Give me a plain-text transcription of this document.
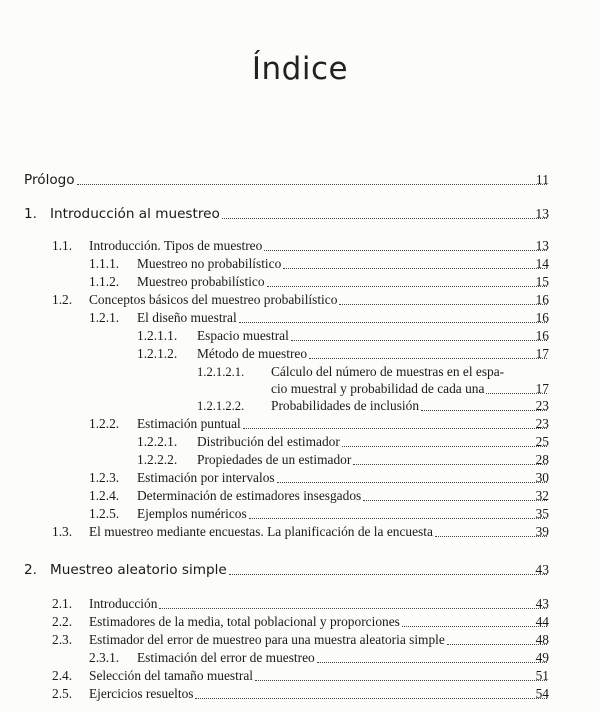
Índice
Prólogo	11
1. Introducción al muestreo	13
1.1. Introducción. Tipos de muestreo	13
1.1.1. Muestreo no probabilístico	14
1.1.2. Muestreo probabilístico	15
1.2. Conceptos básicos del muestreo probabilístico	16
1.2.1. El diseño muestral	16
1.2.1.1. Espacio muestral	16
1.2.1.2. Método de muestreo	17
1.2.1.2.1. Cálculo del número de muestras en el espa-
cio muestral y probabilidad de cada una	17
1.2.1.2.2. Probabilidades de inclusión	23
1.2.2. Estimación puntual	23
1.2.2.1. Distribución del estimador	25
1.2.2.2. Propiedades de un estimador	28
1.2.3. Estimación por intervalos	30
1.2.4. Determinación de estimadores insesgados	32
1.2.5. Ejemplos numéricos	35
1.3. El muestreo mediante encuestas. La planificación de la encuesta	39
2. Muestreo aleatorio simple	43
2.1. Introducción	43
2.2. Estimadores de la media, total poblacional y proporciones	44
2.3. Estimador del error de muestreo para una muestra aleatoria simple	48
2.3.1. Estimación del error de muestreo	49
2.4. Selección del tamaño muestral	51
2.5. Ejercicios resueltos	54
